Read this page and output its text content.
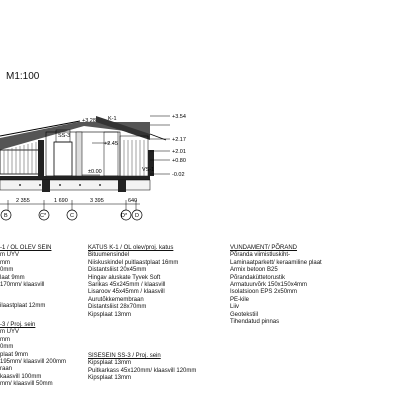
M1:100
+3.54
+3.28
+2.17
+2.45
+2.01
+0.80
±0.00	-0.02
K-1
SS-3
VS-1
2 355	1 690	3 395	640
B	C*	C	D* D
-1 / OL OLEV SEIN
m UYV
mm
0mm
laat 9mm
170mm/ klaasvill
ilaastplaat 12mm
-3 / Proj. sein
m UYV
mm
0mm
plaat 9mm
195mm/ klaasvill 200mm
raan
kaasvill 100mm
mm/ klaasvill 50mm
KATUS K-1 / OL olev/proj. katus
Bituumensindel
Niiskuskindel puitlaastplaat 16mm
Distantsliist 20x45mm
Hingav aluskate Tyvek Soft
Sarikas 45x245mm / klaasvill
Lisaroov 45x45mm / klaasvill
Aurutõkkemembraan
Distantsliist 28x70mm
Kipsplaat 13mm
SISESEIN SS-3 / Proj. sein
Kipsplaat 13mm
Puitkarkass 45x120mm/ klaasvill 120mm
Kipsplaat 13mm
VUNDAMENT/ PÕRAND
Põranda viimistluskiht-
Laminaatparkett/ keraamiline plaat
Armix betoon B25
Põrandaküttetorustik
Armatuurvõrk 150x150x4mm
Isolatsioon EPS 2x50mm
PE-kile
Liiv
Geotekstiil
Tihendatud pinnas
